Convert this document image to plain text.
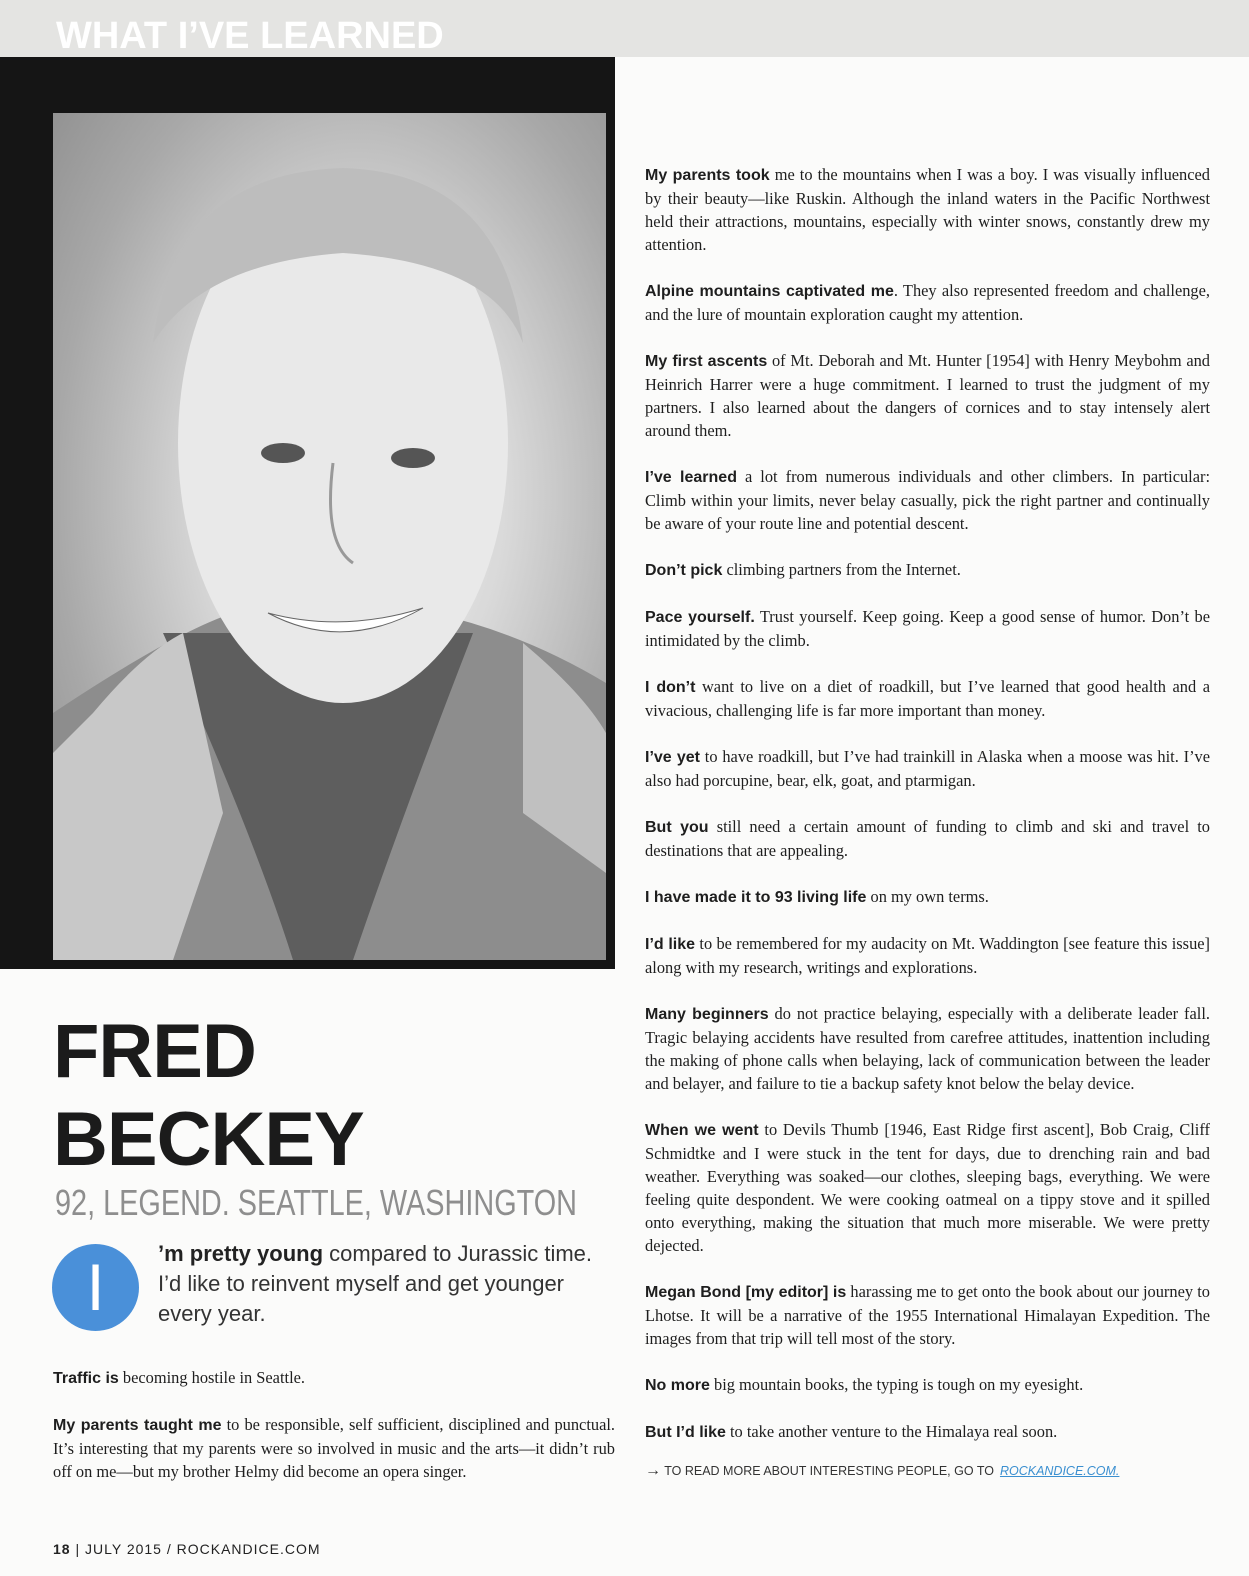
WHAT I’VE LEARNED
FRED
BECKEY
92, LEGEND. SEATTLE, WASHINGTON
I	’m pretty young compared to Jurassic time. I’d like to reinvent myself and get younger every year.

Traffic is becoming hostile in Seattle.

My parents taught me to be responsible, self sufficient, disciplined and punctual. It’s interesting that my parents were so involved in music and the arts—it didn’t rub off on me—but my brother Helmy did become an opera singer.

My parents took me to the mountains when I was a boy. I was visually influenced by their beauty—like Ruskin. Although the inland waters in the Pacific Northwest held their attractions, mountains, especially with winter snows, constantly drew my attention.

Alpine mountains captivated me. They also represented freedom and challenge, and the lure of mountain exploration caught my attention.

My first ascents of Mt. Deborah and Mt. Hunter [1954] with Henry Meybohm and Heinrich Harrer were a huge commitment. I learned to trust the judgment of my partners. I also learned about the dangers of cornices and to stay intensely alert around them.

I’ve learned a lot from numerous individuals and other climbers. In particular: Climb within your limits, never belay casually, pick the right partner and continually be aware of your route line and potential descent.

Don’t pick climbing partners from the Internet.

Pace yourself. Trust yourself. Keep going. Keep a good sense of humor. Don’t be intimidated by the climb.

I don’t want to live on a diet of roadkill, but I’ve learned that good health and a vivacious, challenging life is far more important than money.

I’ve yet to have roadkill, but I’ve had trainkill in Alaska when a moose was hit. I’ve also had porcupine, bear, elk, goat, and ptarmigan.

But you still need a certain amount of funding to climb and ski and travel to destinations that are appealing.

I have made it to 93 living life on my own terms.

I’d like to be remembered for my audacity on Mt. Waddington [see feature this issue] along with my research, writings and explorations.

Many beginners do not practice belaying, especially with a deliberate leader fall. Tragic belaying accidents have resulted from carefree attitudes, inattention including the making of phone calls when belaying, lack of communication between the leader and belayer, and failure to tie a backup safety knot below the belay device.

When we went to Devils Thumb [1946, East Ridge first ascent], Bob Craig, Cliff Schmidtke and I were stuck in the tent for days, due to drenching rain and bad weather. Everything was soaked—our clothes, sleeping bags, everything. We were feeling quite despondent. We were cooking oatmeal on a tippy stove and it spilled onto everything, making the situation that much more miserable. We were pretty dejected.

Megan Bond [my editor] is harassing me to get onto the book about our journey to Lhotse. It will be a narrative of the 1955 International Himalayan Expedition. The images from that trip will tell most of the story.

No more big mountain books, the typing is tough on my eyesight.

But I’d like to take another venture to the Himalaya real soon.

→ TO READ MORE ABOUT INTERESTING PEOPLE, GO TO ROCKANDICE.COM.
18 | JULY 2015 / ROCKANDICE.COM
